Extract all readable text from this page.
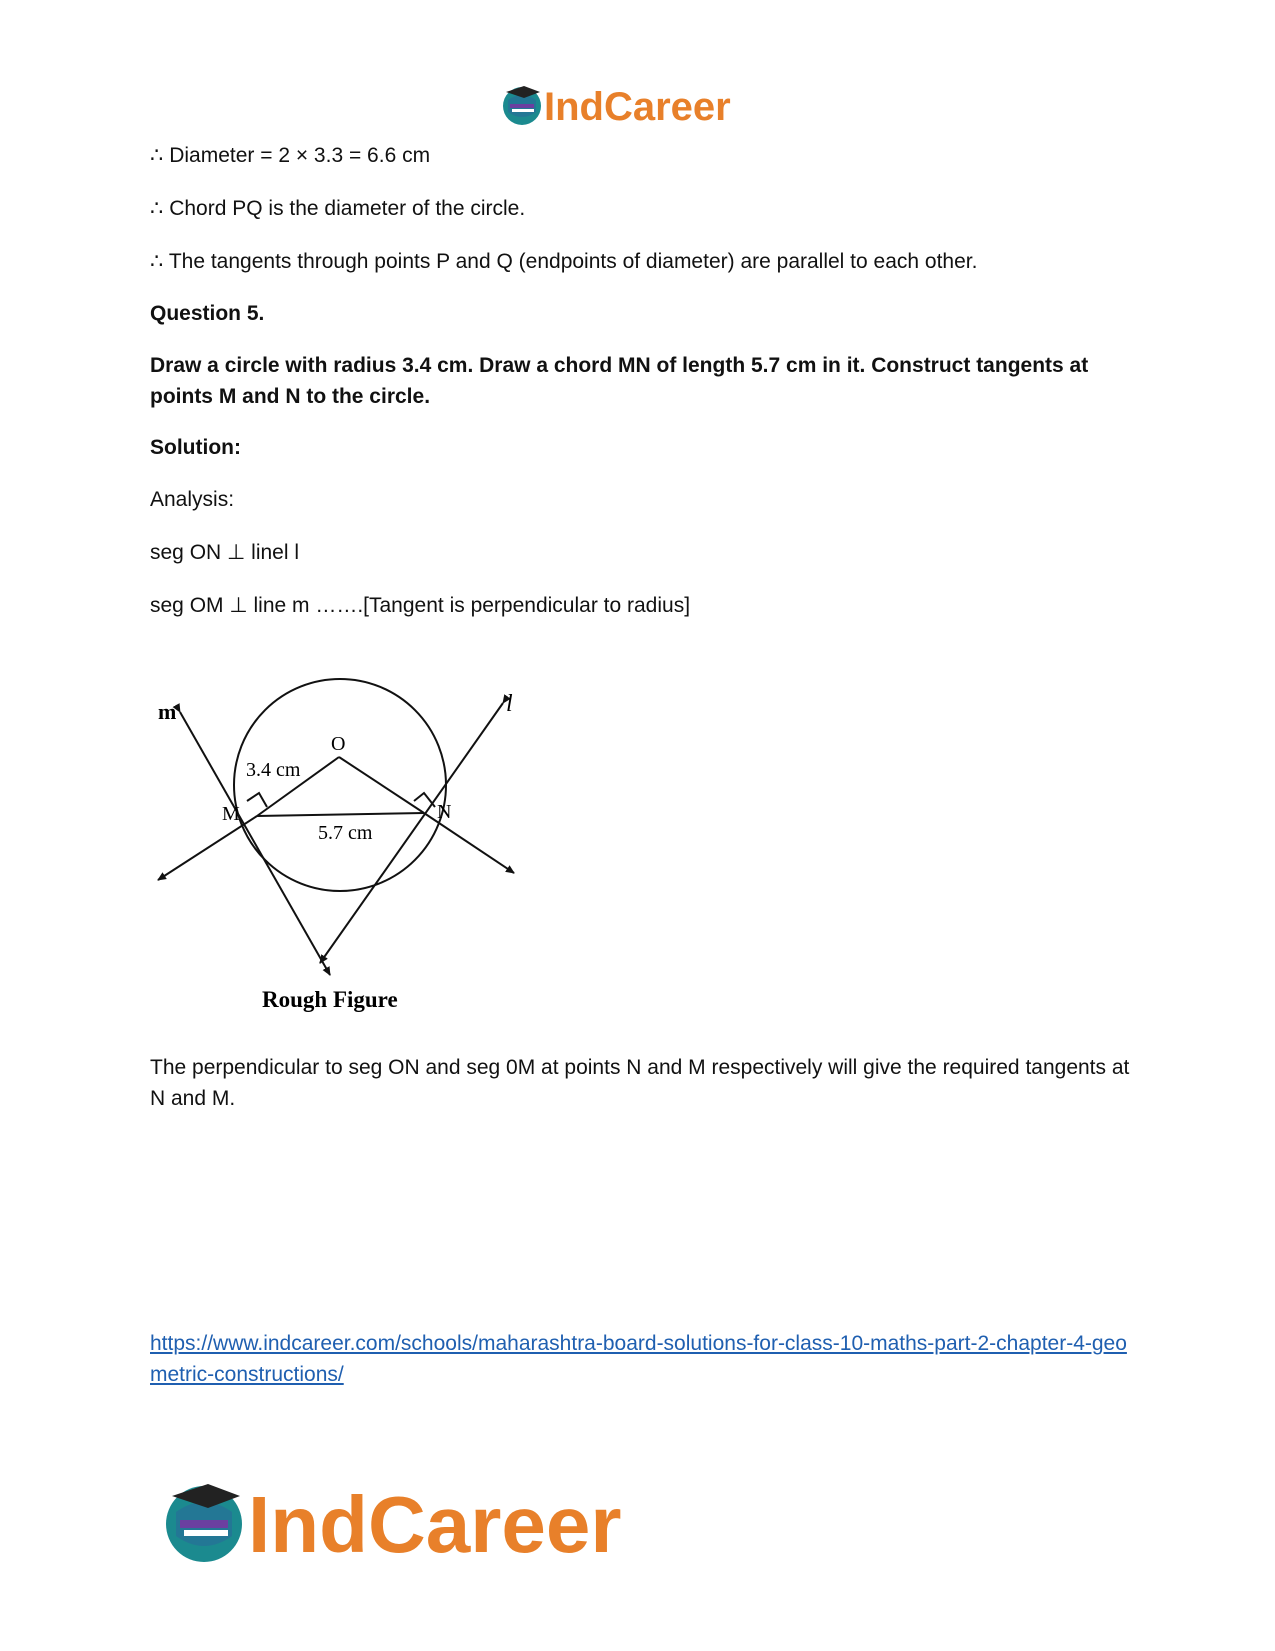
IndCareer
∴ Diameter = 2 × 3.3 = 6.6 cm
∴ Chord PQ is the diameter of the circle.
∴ The tangents through points P and Q (endpoints of diameter) are parallel to each other.
Question 5.
Draw a circle with radius 3.4 cm. Draw a chord MN of length 5.7 cm in it. Construct tangents at points M and N to the circle.
Solution:
Analysis:
seg ON ⊥ linel l
seg OM ⊥ line m …….[Tangent is perpendicular to radius]
The perpendicular to seg ON and seg 0M at points N and M respectively will give the required tangents at N and M.
https://www.indcareer.com/schools/maharashtra-board-solutions-for-class-10-maths-part-2-chapter-4-geometric-constructions/
m	l
O
M	N
3.4 cm
5.7 cm
Rough Figure
IndCareer
